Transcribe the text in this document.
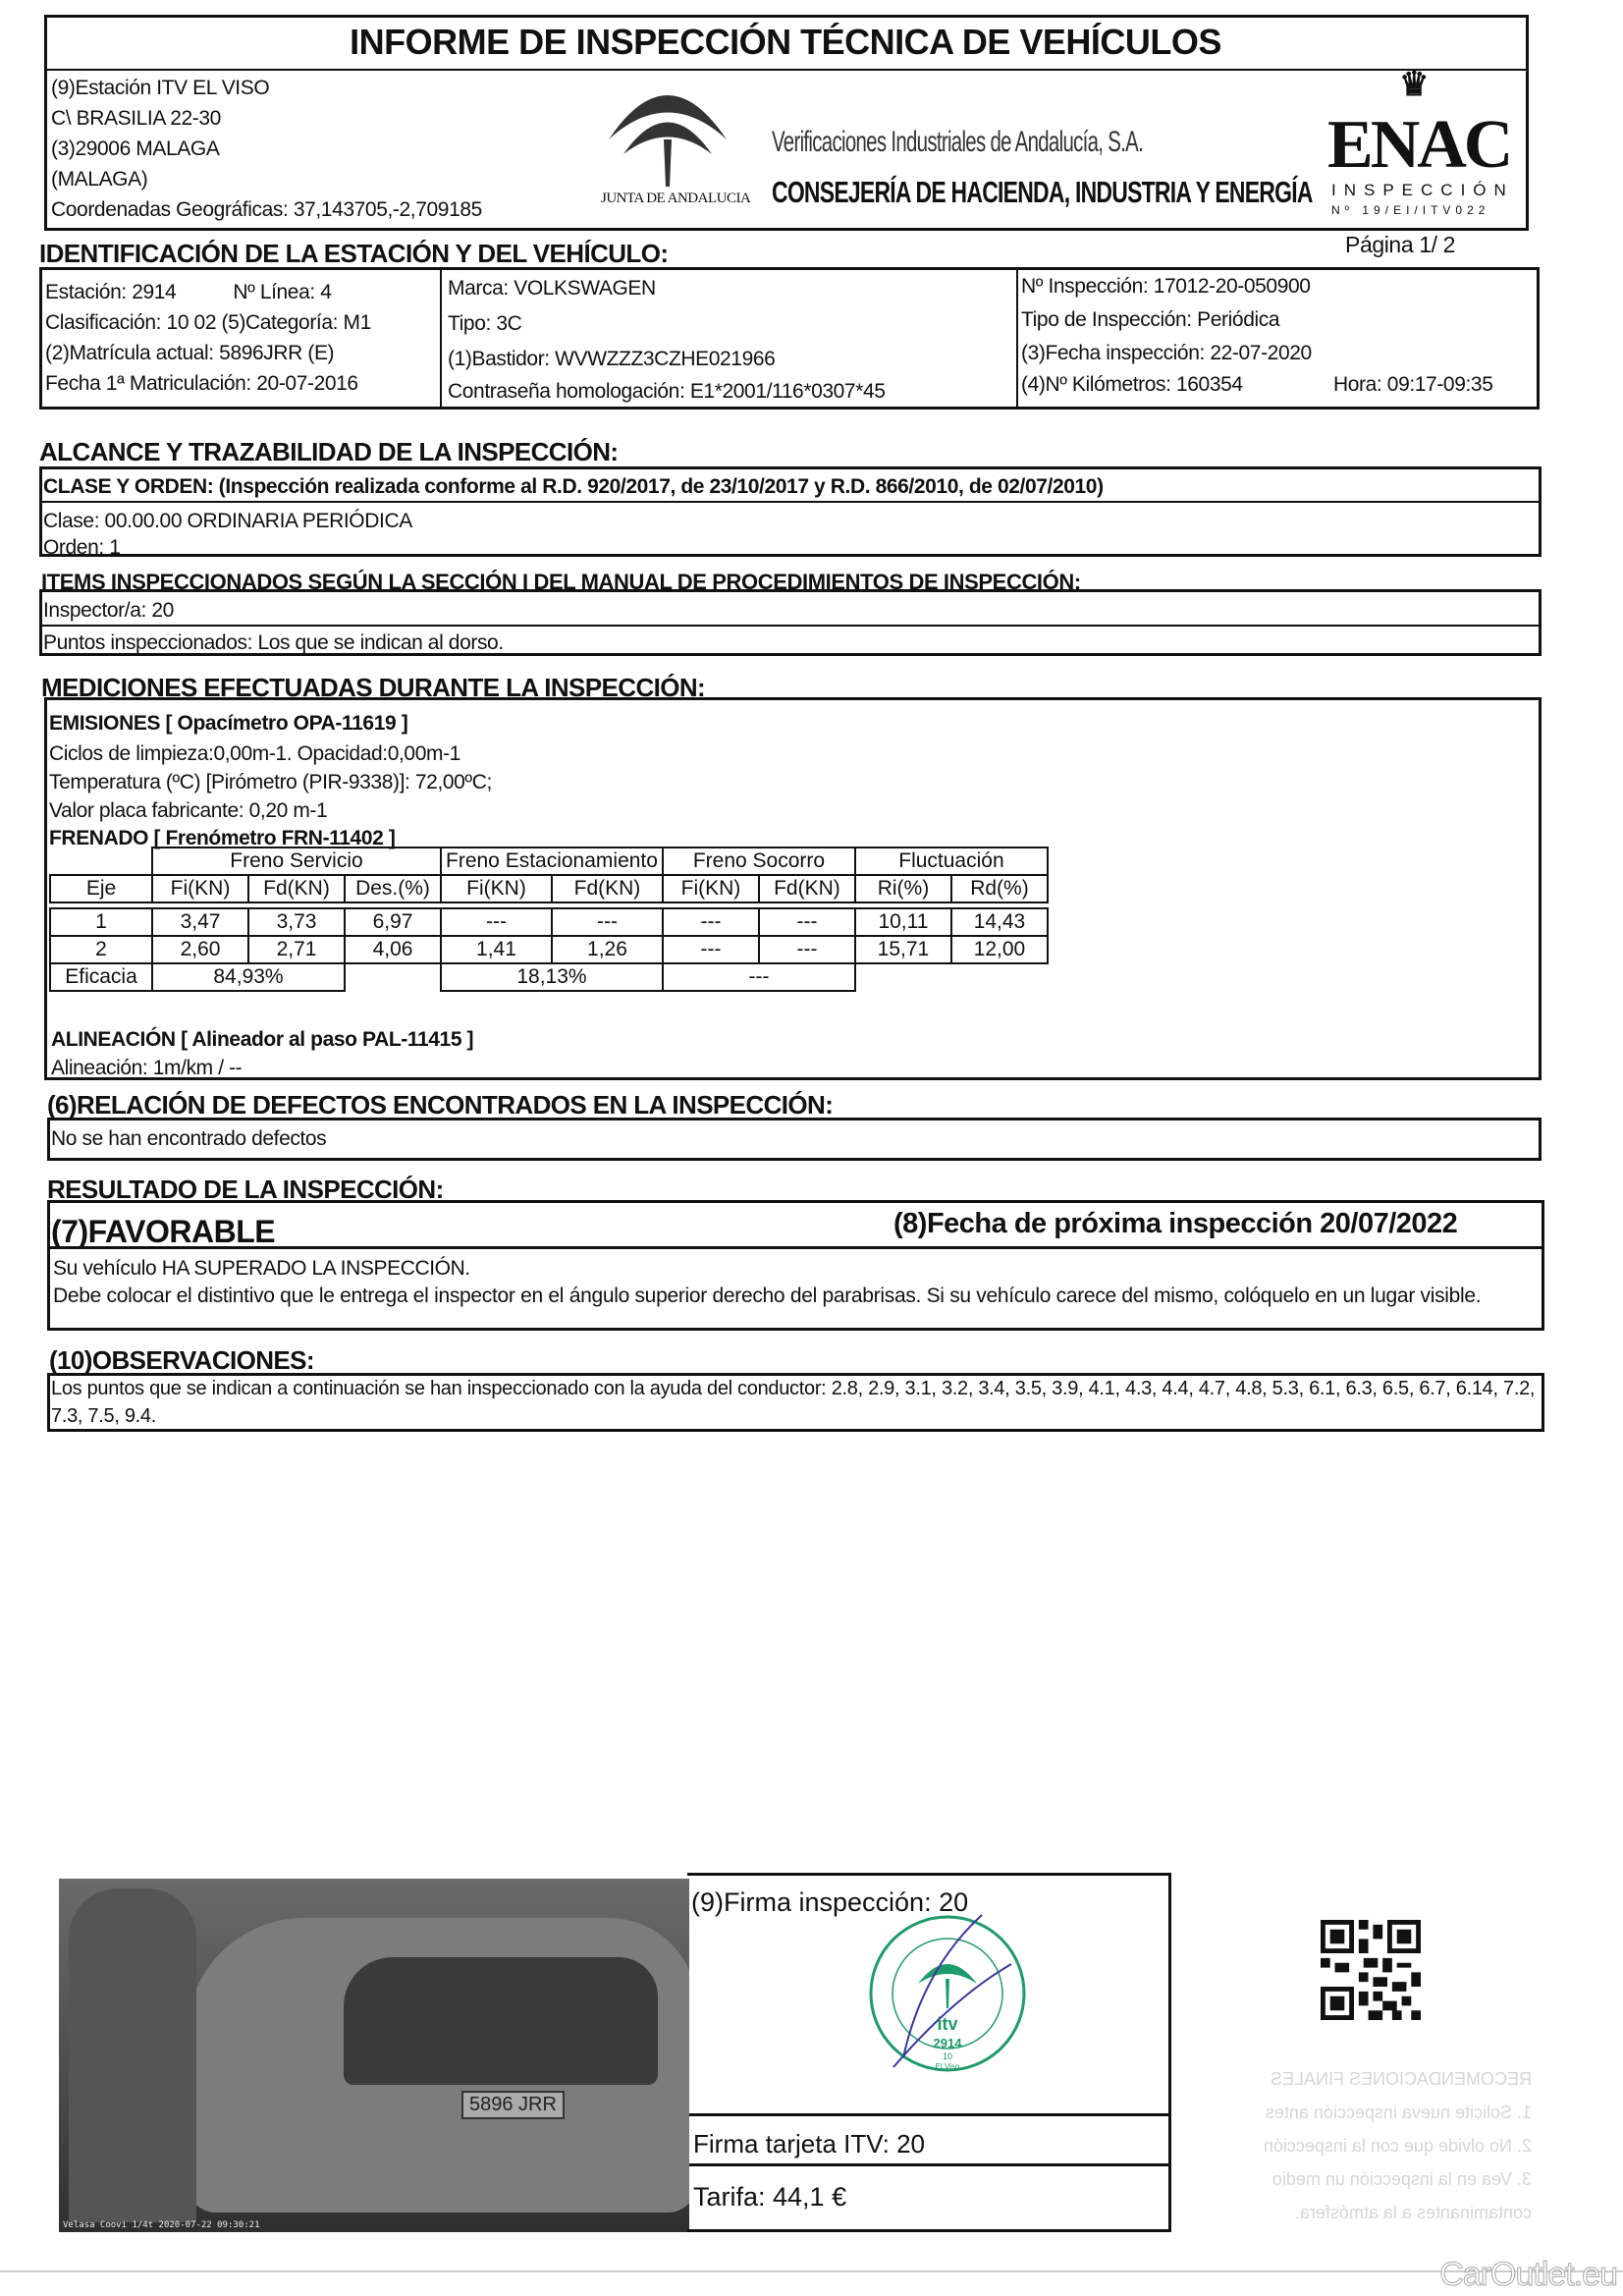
INFORME DE INSPECCIÓN TÉCNICA DE VEHÍCULOS
(9)Estación ITV EL VISO
C\ BRASILIA 22-30
(3)29006 MALAGA
(MALAGA)
Coordenadas Geográficas: 37,143705,-2,709185	JUNTA DE ANDALUCIA
Verificaciones Industriales de Andalucía, S.A.
CONSEJERÍA DE HACIENDA, INDUSTRIA Y ENERGÍA
♛
ENAC
INSPECCIÓN
Nº 19/EI/ITV022
IDENTIFICACIÓN DE LA ESTACIÓN Y DEL VEHÍCULO:	Página 1/ 2
Estación: 2914	Nº Línea: 4
Clasificación: 10 02 (5)Categoría: M1
(2)Matrícula actual: 5896JRR (E)
Fecha 1ª Matriculación: 20-07-2016
Marca: VOLKSWAGEN
Tipo: 3C
(1)Bastidor: WVWZZZ3CZHE021966
Contraseña homologación: E1*2001/116*0307*45
Nº Inspección: 17012-20-050900
Tipo de Inspección: Periódica
(3)Fecha inspección: 22-07-2020
(4)Nº Kilómetros: 160354	Hora: 09:17-09:35
ALCANCE Y TRAZABILIDAD DE LA INSPECCIÓN:
CLASE Y ORDEN: (Inspección realizada conforme al R.D. 920/2017, de 23/10/2017 y R.D. 866/2010, de 02/07/2010)
Clase: 00.00.00 ORDINARIA PERIÓDICA
Orden: 1
ITEMS INSPECCIONADOS SEGÚN LA SECCIÓN I DEL MANUAL DE PROCEDIMIENTOS DE INSPECCIÓN:
Inspector/a: 20
Puntos inspeccionados: Los que se indican al dorso.
MEDICIONES EFECTUADAS DURANTE LA INSPECCIÓN:
EMISIONES [ Opacímetro OPA-11619 ]
Ciclos de limpieza:0,00m-1. Opacidad:0,00m-1
Temperatura (ºC) [Pirómetro (PIR-9338)]: 72,00ºC;
Valor placa fabricante: 0,20 m-1
FRENADO [ Frenómetro FRN-11402 ]
	Freno Servicio			Freno Estacionamiento		Freno Socorro		Fluctuación	
Eje	Fi(KN)	Fd(KN)	Des.(%)	Fi(KN)	Fd(KN)	Fi(KN)	Fd(KN)	Ri(%)	Rd(%)

1	3,47	3,73	6,97	---	---	---	---	10,11	14,43
2	2,60	2,71	4,06	1,41	1,26	---	---	15,71	12,00
Eficacia	84,93%			18,13%		---			
ALINEACIÓN [ Alineador al paso PAL-11415 ]
Alineación: 1m/km / --
(6)RELACIÓN DE DEFECTOS ENCONTRADOS EN LA INSPECCIÓN:
No se han encontrado defectos
RESULTADO DE LA INSPECCIÓN:
(7)FAVORABLE	(8)Fecha de próxima inspección 20/07/2022
Su vehículo HA SUPERADO LA INSPECCIÓN.
Debe colocar el distintivo que le entrega el inspector en el ángulo superior derecho del parabrisas. Si su vehículo carece del mismo, colóquelo en un lugar visible.
(10)OBSERVACIONES:
Los puntos que se indican a continuación se han inspeccionado con la ayuda del conductor: 2.8, 2.9, 3.1, 3.2, 3.4, 3.5, 3.9, 4.1, 4.3, 4.4, 4.7, 4.8, 5.3, 6.1, 6.3, 6.5, 6.7, 6.14, 7.2, 7.3, 7.5, 9.4.
5896 JRR
Velasa Coovi 1/4t 2020-07-22 09:30:21
(9)Firma inspección: 20
itv
2914
10
El Viso
Firma tarjeta ITV: 20
Tarifa: 44,1 €
RECOMENDACIONES FINALES
1. Solicite nueva inspección antes
2. No olvide que con la inspección
3. Vea en la inspección un medio
contaminantes a la atmósfera.
CarOutlet.eu
